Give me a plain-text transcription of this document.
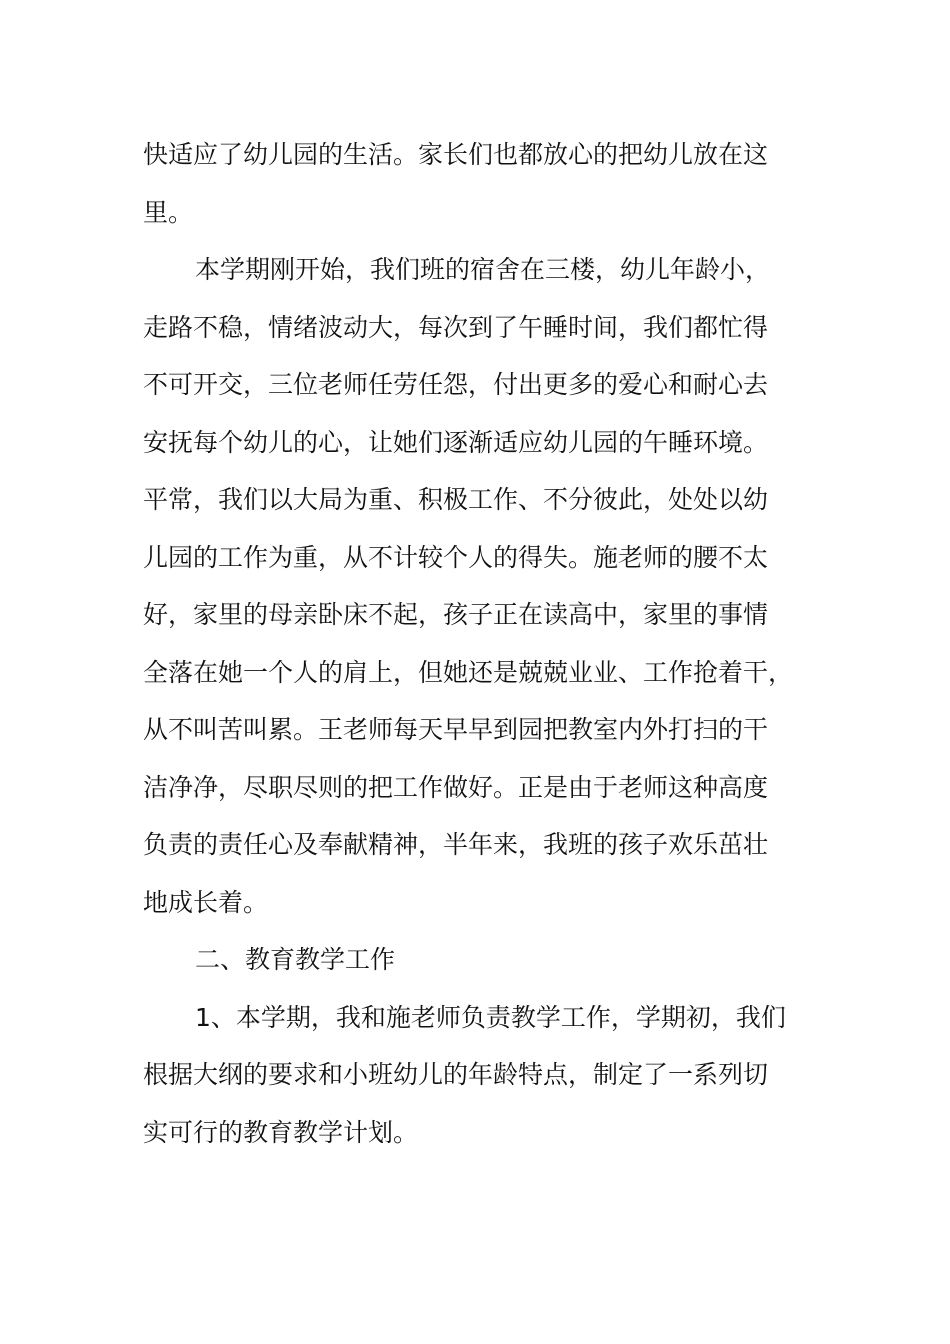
快适应了幼儿园的生活。家长们也都放心的把幼儿放在这
里。
本学期刚开始，我们班的宿舍在三楼，幼儿年龄小，
走路不稳，情绪波动大，每次到了午睡时间，我们都忙得
不可开交，三位老师任劳任怨，付出更多的爱心和耐心去
安抚每个幼儿的心，让她们逐渐适应幼儿园的午睡环境。
平常，我们以大局为重、积极工作、不分彼此，处处以幼
儿园的工作为重，从不计较个人的得失。施老师的腰不太
好，家里的母亲卧床不起，孩子正在读高中，家里的事情
全落在她一个人的肩上，但她还是兢兢业业、工作抢着干，
从不叫苦叫累。王老师每天早早到园把教室内外打扫的干
洁净净，尽职尽则的把工作做好。正是由于老师这种高度
负责的责任心及奉献精神，半年来，我班的孩子欢乐茁壮
地成长着。
二、教育教学工作
1、本学期，我和施老师负责教学工作，学期初，我们
根据大纲的要求和小班幼儿的年龄特点，制定了一系列切
实可行的教育教学计划。
